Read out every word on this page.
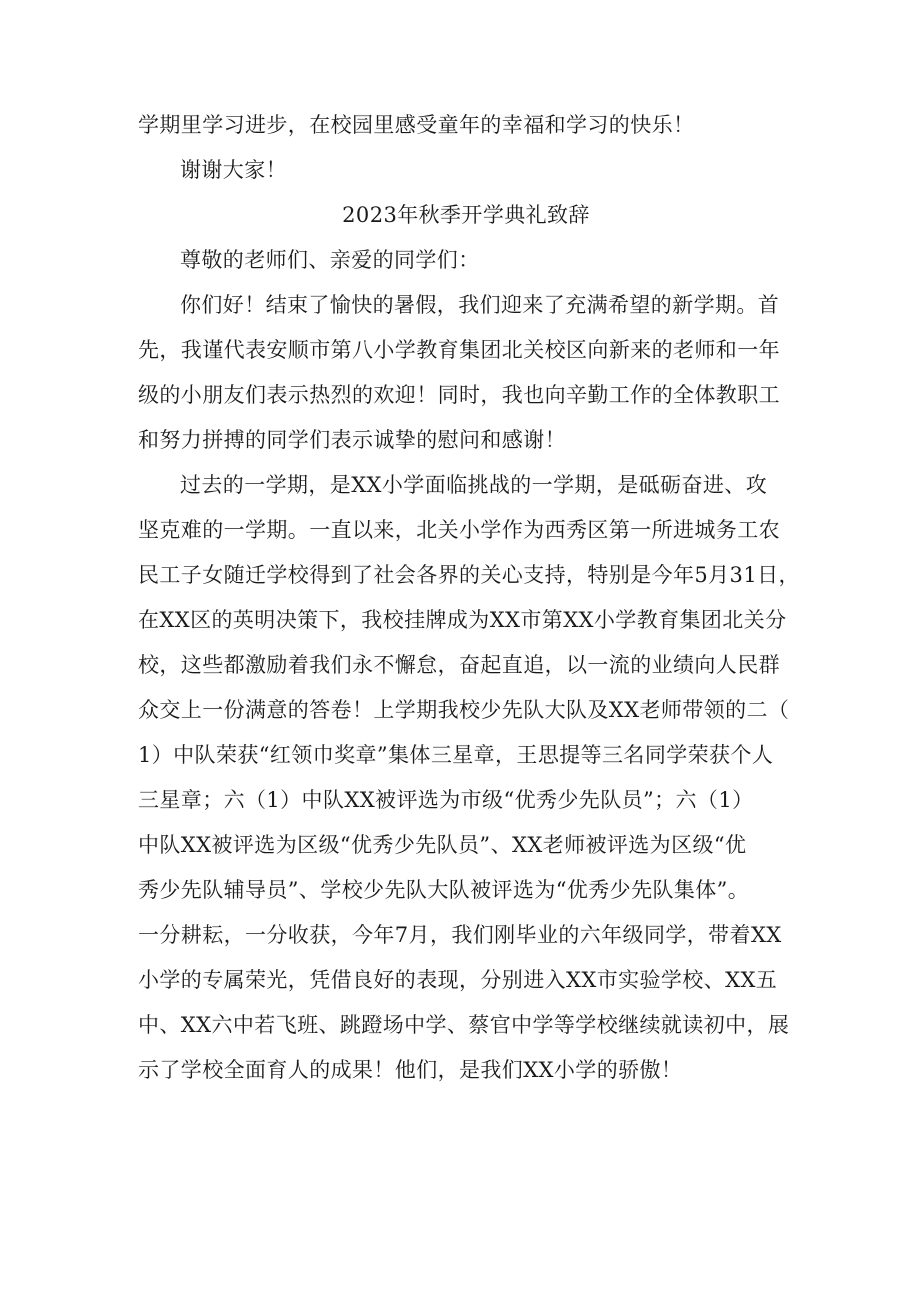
学期里学习进步，在校园里感受童年的幸福和学习的快乐！
谢谢大家！
2023年秋季开学典礼致辞
尊敬的老师们、亲爱的同学们：
你们好！结束了愉快的暑假，我们迎来了充满希望的新学期。首
先，我谨代表安顺市第八小学教育集团北关校区向新来的老师和一年
级的小朋友们表示热烈的欢迎！同时，我也向辛勤工作的全体教职工
和努力拼搏的同学们表示诚挚的慰问和感谢！
过去的一学期，是XX小学面临挑战的一学期，是砥砺奋进、攻
坚克难的一学期。一直以来，北关小学作为西秀区第一所进城务工农
民工子女随迁学校得到了社会各界的关心支持，特别是今年5月31日，
在XX区的英明决策下，我校挂牌成为XX市第XX小学教育集团北关分
校，这些都激励着我们永不懈怠，奋起直追，以一流的业绩向人民群
众交上一份满意的答卷！上学期我校少先队大队及XX老师带领的二（
1）中队荣获“红领巾奖章”集体三星章，王思提等三名同学荣获个人
三星章；六（1）中队XX被评选为市级“优秀少先队员”；六（1）
中队XX被评选为区级“优秀少先队员”、XX老师被评选为区级“优
秀少先队辅导员”、学校少先队大队被评选为“优秀少先队集体”。
一分耕耘，一分收获，今年7月，我们刚毕业的六年级同学，带着XX
小学的专属荣光，凭借良好的表现，分别进入XX市实验学校、XX五
中、XX六中若飞班、跳蹬场中学、蔡官中学等学校继续就读初中，展
示了学校全面育人的成果！他们，是我们XX小学的骄傲！
